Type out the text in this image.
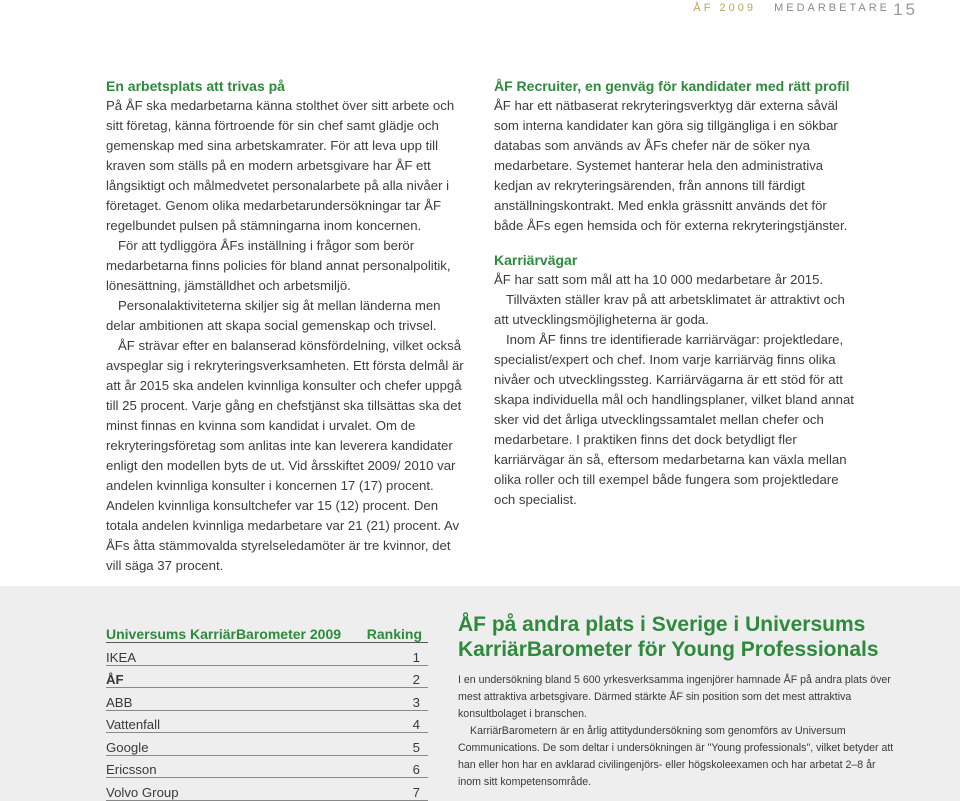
ÅF 2009 MEDARBETARE 15
En arbetsplats att trivas på

På ÅF ska medarbetarna känna stolthet över sitt arbete och sitt företag, känna förtroende för sin chef samt glädje och gemenskap med sina arbetskamrater. För att leva upp till kraven som ställs på en modern arbetsgivare har ÅF ett långsiktigt och målmedvetet personalarbete på alla nivåer i företaget. Genom olika medarbetarundersökningar tar ÅF regelbundet pulsen på stämningarna inom koncernen.

För att tydliggöra ÅFs inställning i frågor som berör medarbetarna finns policies för bland annat personalpolitik, lönesättning, jämställdhet och arbetsmiljö.

Personalaktiviteterna skiljer sig åt mellan länderna men delar ambitionen att skapa social gemenskap och trivsel.

ÅF strävar efter en balanserad könsfördelning, vilket också avspeglar sig i rekryteringsverksamheten. Ett första delmål är att år 2015 ska andelen kvinnliga konsulter och chefer uppgå till 25 procent. Varje gång en chefstjänst ska tillsättas ska det minst finnas en kvinna som kandidat i urvalet. Om de rekryteringsföretag som anlitas inte kan leverera kandidater enligt den modellen byts de ut. Vid årsskiftet 2009/ 2010 var andelen kvinnliga konsulter i koncernen 17 (17) procent. Andelen kvinnliga konsultchefer var 15 (12) procent. Den totala andelen kvinnliga medarbetare var 21 (21) procent. Av ÅFs åtta stämmovalda styrelseledamöter är tre kvinnor, det vill säga 37 procent.

ÅF Recruiter, en genväg för kandidater med rätt profil

ÅF har ett nätbaserat rekryteringsverktyg där externa såväl som interna kandidater kan göra sig tillgängliga i en sökbar databas som används av ÅFs chefer när de söker nya medarbetare. Systemet hanterar hela den administrativa kedjan av rekryteringsärenden, från annons till färdigt anställningskontrakt. Med enkla grässnitt används det för både ÅFs egen hemsida och för externa rekryteringstjänster.

Karriärvägar

ÅF har satt som mål att ha 10 000 medarbetare år 2015.

Tillväxten ställer krav på att arbetsklimatet är attraktivt och att utvecklingsmöjligheterna är goda.

Inom ÅF finns tre identifierade karriärvägar: projektledare, specialist/expert och chef. Inom varje karriärväg finns olika nivåer och utvecklingssteg. Karriärvägarna är ett stöd för att skapa individuella mål och handlingsplaner, vilket bland annat sker vid det årliga utvecklingssamtalet mellan chefer och medarbetare. I praktiken finns det dock betydligt fler karriärvägar än så, eftersom medarbetarna kan växla mellan olika roller och till exempel både fungera som projektledare och specialist.

Universums KarriärBarometer 2009	Ranking
IKEA	1
ÅF	2
ABB	3
Vattenfall	4
Google	5
Ericsson	6
Volvo Group	7
ÅF på andra plats i Sverige i Universums KarriärBarometer för Young Professionals

I en undersökning bland 5 600 yrkesverksamma ingenjörer hamnade ÅF på andra plats över mest attraktiva arbetsgivare. Därmed stärkte ÅF sin position som det mest attraktiva konsultbolaget i branschen.

KarriärBarometern är en årlig attitydundersökning som genomförs av Universum Communications. De som deltar i undersökningen är "Young professionals", vilket betyder att han eller hon har en avklarad civilingenjörs- eller högskoleexamen och har arbetat 2–8 år inom sitt kompetensområde.
